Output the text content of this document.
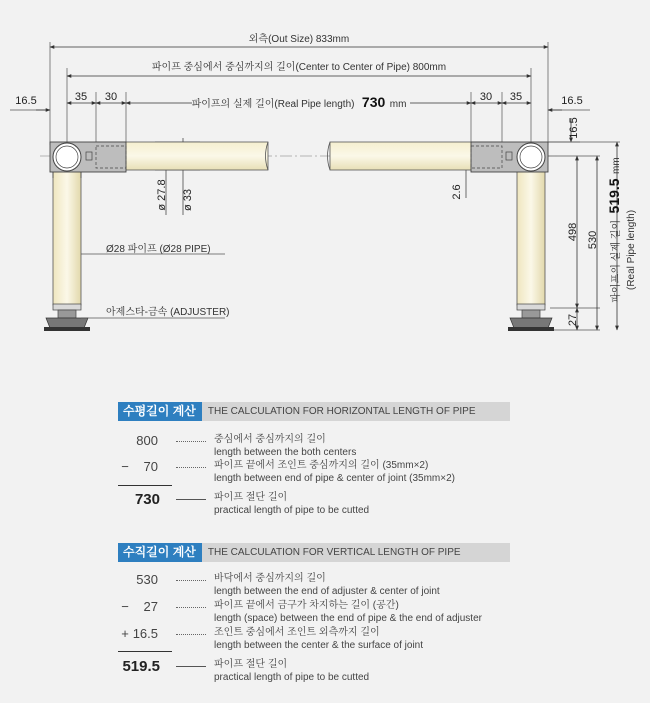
외측(Out Size) 833mm
파이프 중심에서 중심까지의 길이(Center to Center of Pipe) 800mm
파이프의 실제 길이(Real Pipe length) 730 mm
16.5	35 30	30 35	16.5
16.5
ø 27.8 ø 33	2.6
498 530
27
파이프의 실제 길이 519.5 mm
(Real Pipe length)
Ø28 파이프 (Ø28 PIPE)
아제스타-금속 (ADJUSTER)
수평길이 계산	THE CALCULATION FOR HORIZONTAL LENGTH OF PIPE
800	중심에서 중심까지의 길이
length between the both centers
−	70	파이프 끝에서 조인트 중심까지의 길이 (35mm×2)
length between end of pipe & center of joint (35mm×2)
730	파이프 절단 길이
practical length of pipe to be cutted
수직길이 계산	THE CALCULATION FOR VERTICAL LENGTH OF PIPE
530	바닥에서 중심까지의 길이
length between the end of adjuster & center of joint
−	27	파이프 끝에서 금구가 차지하는 길이 (공간)
length (space) between the end of pipe & the end of adjuster
+ 16.5	조인트 중심에서 조인트 외측까지 길이
length between the center & the surface of joint
519.5	파이프 절단 길이
practical length of pipe to be cutted
